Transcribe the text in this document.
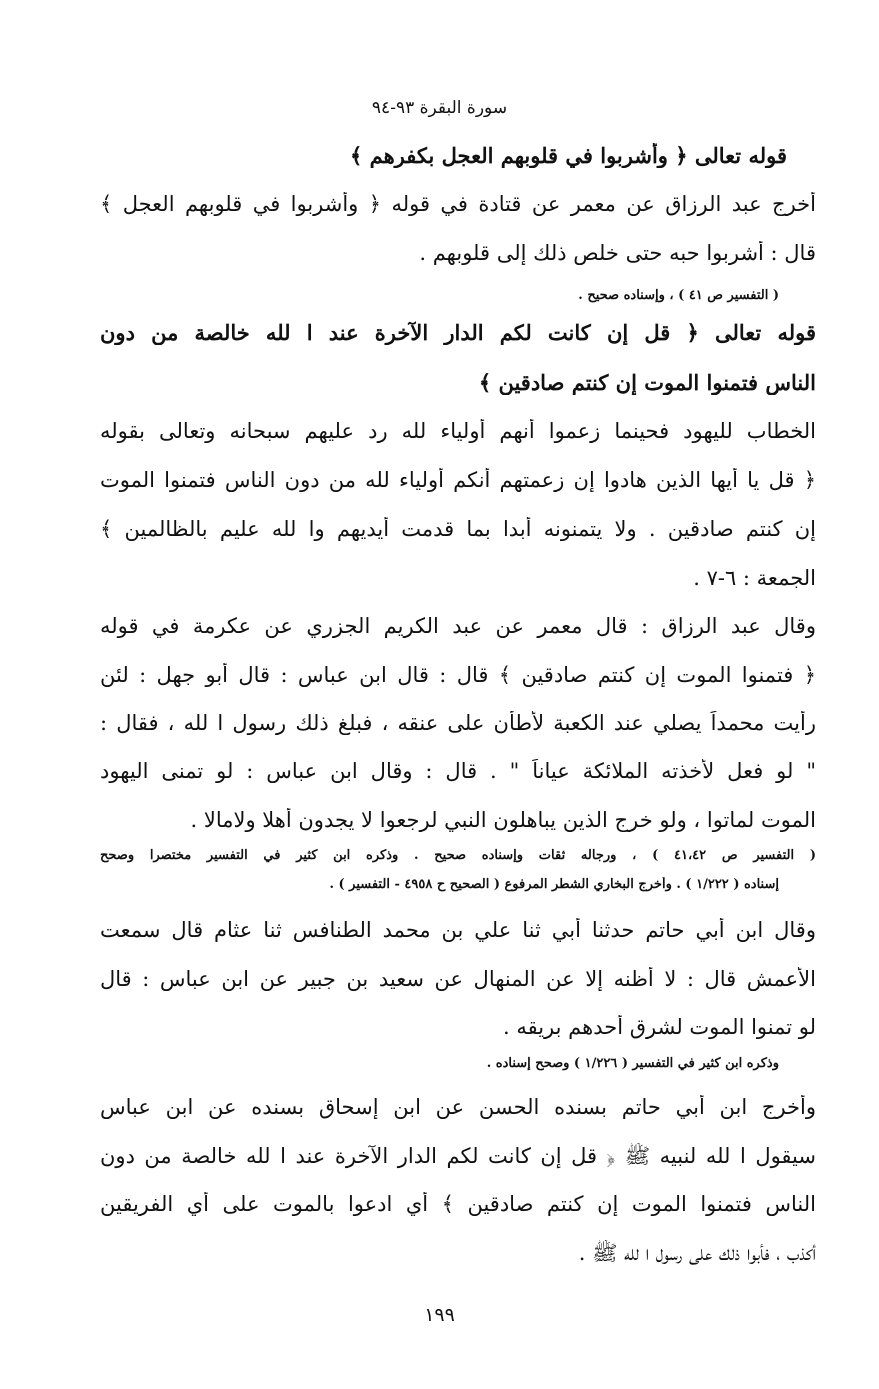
سورة البقرة ٩٣-٩٤
قوله تعالى ﴿ وأُشربوا في قلوبهم العجل بكفرهم ﴾
أخرج عبد الرزاق عن معمر عن قتادة في قوله ﴿ وأشربوا في قلوبهم العجل ﴾
قال : أشربوا حبه حتى خلص ذلك إلى قلوبهم .
( التفسير ص ٤١ ) ، وإسناده صحيح .
قوله تعالى ﴿ قل إن كانت لكم الدار الآخرة عند ا لله خالصة من دون
الناس فتمنوا الموت إن كنتم صادقين ﴾
الخطاب لليهود فحينما زعموا أنهم أولياء لله رد عليهم سبحانه وتعالى بقوله
﴿ قل يا أيها الذين هادوا إن زعمتهم أنكم أولياء لله من دون الناس فتمنوا الموت
إن كنتم صادقين . ولا يتمنونه أبدا بما قدمت أيديهم وا لله عليم بالظالمين ﴾
الجمعة : ٦-٧ .
وقال عبد الرزاق : قال معمر عن عبد الكريم الجزري عن عكرمة في قوله
﴿ فتمنوا الموت إن كنتم صادقين ﴾ قال : قال ابن عباس : قال أبو جهل : لئن
رأيت محمداً يصلي عند الكعبة لأطأن على عنقه ، فبلغ ذلك رسول ا لله ، فقال :
" لو فعل لأخذته الملائكة عياناً " . قال : وقال ابن عباس : لو تمنى اليهود
الموت لماتوا ، ولو خرج الذين يباهلون النبي لرجعوا لا يجدون أهلا ولامالا .
( التفسير ص ٤١،٤٢ ) ، ورجاله ثقات وإسناده صحيح . وذكره ابن كثير في التفسير مختصرا وصحح
إسناده ( ١/٢٢٢ ) . وأخرج البخاري الشطر المرفوع ( الصحيح ح ٤٩٥٨ - التفسير ) .
وقال ابن أبي حاتم حدثنا أبي ثنا علي بن محمد الطنافس ثنا عثام قال سمعت
الأعمش قال : لا أظنه إلا عن المنهال عن سعيد بن جبير عن ابن عباس : قال
لو تمنوا الموت لشرق أحدهم بريقه .
وذكره ابن كثير في التفسير ( ١/٢٢٦ ) وصحح إسناده .
وأخرج ابن أبي حاتم بسنده الحسن عن ابن إسحاق بسنده عن ابن عباس
سيقول ا لله لنبيه ﷺ ﴿ قل إن كانت لكم الدار الآخرة عند ا لله خالصة من دون
الناس فتمنوا الموت إن كنتم صادقين ﴾ أي ادعوا بالموت على أي الفريقين
أكذب ، فأبوا ذلك على رسول ا لله ﷺ .
١٩٩
